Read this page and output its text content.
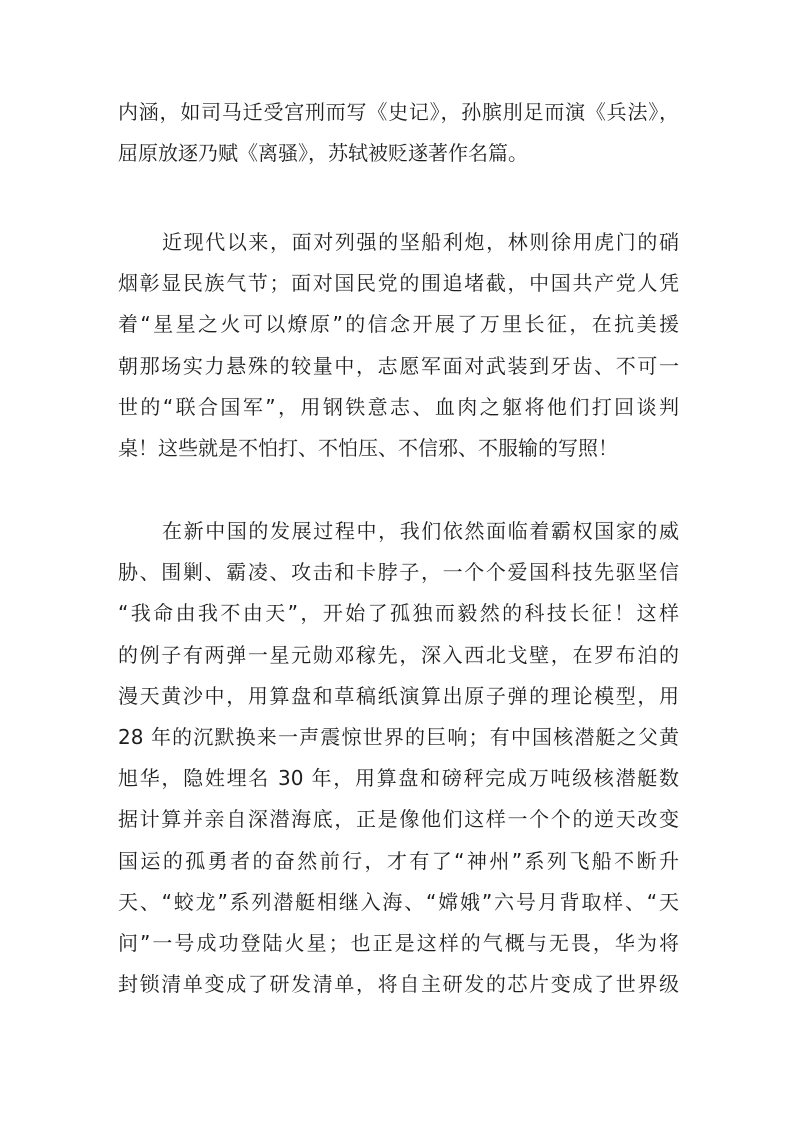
内涵，如司马迁受宫刑而写《史记》，孙膑刖足而演《兵法》，
屈原放逐乃赋《离骚》，苏轼被贬遂著作名篇。
近现代以来，面对列强的坚船利炮，林则徐用虎门的硝
烟彰显民族气节；面对国民党的围追堵截，中国共产党人凭
着“星星之火可以燎原”的信念开展了万里长征，在抗美援
朝那场实力悬殊的较量中，志愿军面对武装到牙齿、不可一
世的“联合国军”，用钢铁意志、血肉之躯将他们打回谈判
桌！这些就是不怕打、不怕压、不信邪、不服输的写照！
在新中国的发展过程中，我们依然面临着霸权国家的威
胁、围剿、霸凌、攻击和卡脖子，一个个爱国科技先驱坚信
“我命由我不由天”，开始了孤独而毅然的科技长征！这样
的例子有两弹一星元勋邓稼先，深入西北戈壁，在罗布泊的
漫天黄沙中，用算盘和草稿纸演算出原子弹的理论模型，用
28 年的沉默换来一声震惊世界的巨响；有中国核潜艇之父黄
旭华，隐姓埋名 30 年，用算盘和磅秤完成万吨级核潜艇数
据计算并亲自深潜海底，正是像他们这样一个个的逆天改变
国运的孤勇者的奋然前行，才有了“神州”系列飞船不断升
天、“蛟龙”系列潜艇相继入海、“嫦娥”六号月背取样、“天
问”一号成功登陆火星；也正是这样的气概与无畏，华为将
封锁清单变成了研发清单，将自主研发的芯片变成了世界级
